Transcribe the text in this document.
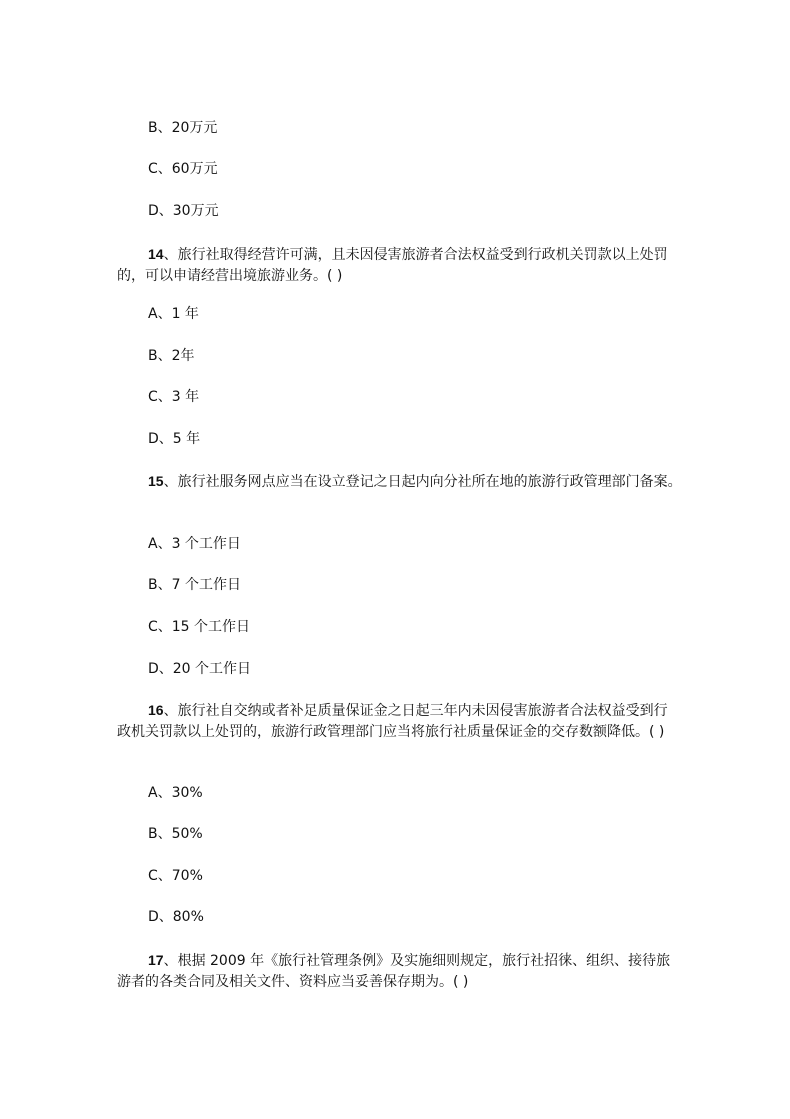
B、20万元
C、60万元
D、30万元
14、旅行社取得经营许可满，且未因侵害旅游者合法权益受到行政机关罚款以上处罚的，可以申请经营出境旅游业务。( )
A、1 年
B、2年
C、3 年
D、5 年
15、旅行社服务网点应当在设立登记之日起内向分社所在地的旅游行政管理部门备案。
A、3 个工作日
B、7 个工作日
C、15 个工作日
D、20 个工作日
16、旅行社自交纳或者补足质量保证金之日起三年内未因侵害旅游者合法权益受到行政机关罚款以上处罚的，旅游行政管理部门应当将旅行社质量保证金的交存数额降低。( )
A、30%
B、50%
C、70%
D、80%
17、根据 2009 年《旅行社管理条例》及实施细则规定，旅行社招徕、组织、接待旅游者的各类合同及相关文件、资料应当妥善保存期为。( )
